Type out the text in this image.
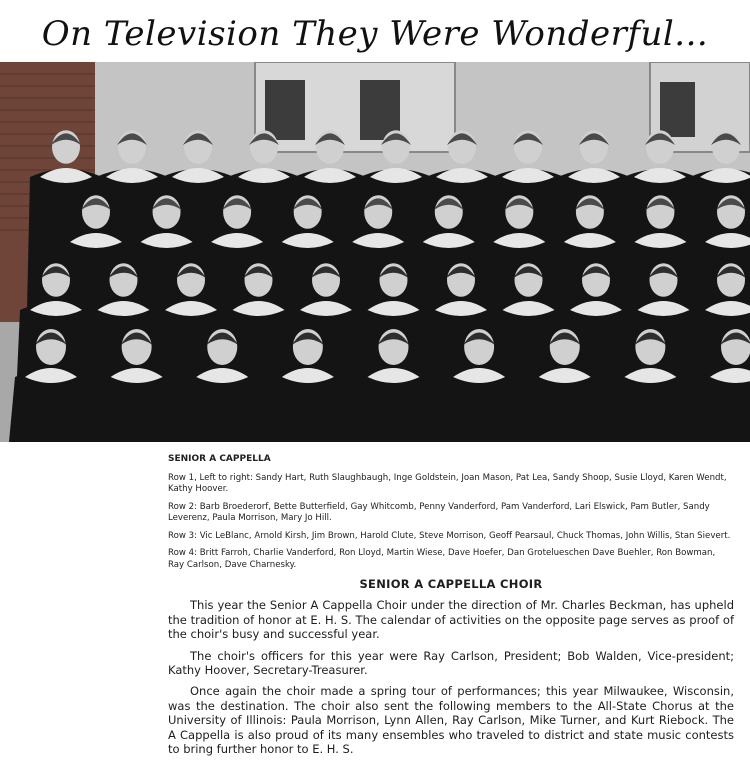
On Television They Were Wonderful...
SENIOR A CAPPELLA
Row 1, Left to right: Sandy Hart, Ruth Slaughbaugh, Inge Goldstein, Joan Mason, Pat Lea, Sandy Shoop, Susie Lloyd, Karen Wendt, Kathy Hoover.
Row 2: Barb Broederorf, Bette Butterfield, Gay Whitcomb, Penny Vanderford, Pam Vanderford, Lari Elswick, Pam Butler, Sandy Leverenz, Paula Morrison, Mary Jo Hill.
Row 3: Vic LeBlanc, Arnold Kirsh, Jim Brown, Harold Clute, Steve Morrison, Geoff Pearsaul, Chuck Thomas, John Willis, Stan Sievert.
Row 4: Britt Farroh, Charlie Vanderford, Ron Lloyd, Martin Wiese, Dave Hoefer, Dan Grotelueschen Dave Buehler, Ron Bowman, Ray Carlson, Dave Charnesky.
SENIOR A CAPPELLA CHOIR

This year the Senior A Cappella Choir under the direction of Mr. Charles Beckman, has upheld the tradition of honor at E. H. S. The calendar of activities on the opposite page serves as proof of the choir's busy and successful year.

The choir's officers for this year were Ray Carlson, President; Bob Walden, Vice-president; Kathy Hoover, Secretary-Treasurer.

Once again the choir made a spring tour of performances; this year Milwaukee, Wisconsin, was the destination. The choir also sent the following members to the All-State Chorus at the University of Illinois: Paula Morrison, Lynn Allen, Ray Carlson, Mike Turner, and Kurt Riebock. The A Cappella is also proud of its many ensembles who traveled to district and state music contests to bring further honor to E. H. S.
